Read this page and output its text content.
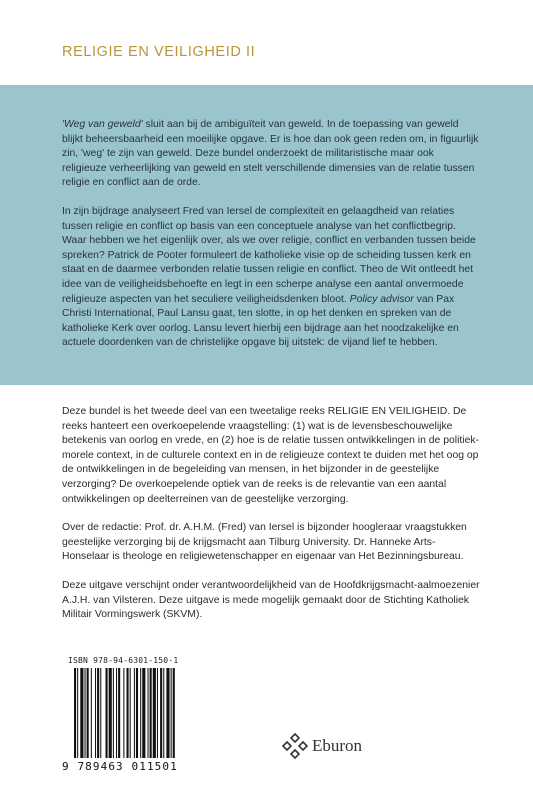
RELIGIE EN VEILIGHEID II

'Weg van geweld' sluit aan bij de ambiguïteit van geweld. In de toepassing van geweld blijkt beheersbaarheid een moeilijke opgave. Er is hoe dan ook geen reden om, in figuurlijk zin, 'weg' te zijn van geweld. Deze bundel onderzoekt de militaristische maar ook religieuze verheerlijking van geweld en stelt verschillende dimensies van de relatie tussen religie en conflict aan de orde.

In zijn bijdrage analyseert Fred van Iersel de complexiteit en gelaagdheid van relaties tussen religie en conflict op basis van een conceptuele analyse van het conflictbegrip. Waar hebben we het eigenlijk over, als we over religie, conflict en verbanden tussen beide spreken? Patrick de Pooter formuleert de katholieke visie op de scheiding tussen kerk en staat en de daarmee verbonden relatie tussen religie en conflict. Theo de Wit ontleedt het idee van de veiligheidsbehoefte en legt in een scherpe analyse een aantal onvermoede religieuze aspecten van het seculiere veiligheidsdenken bloot. Policy advisor van Pax Christi International, Paul Lansu gaat, ten slotte, in op het denken en spreken van de katholieke Kerk over oorlog. Lansu levert hierbij een bijdrage aan het noodzakelijke en actuele doordenken van de christelijke opgave bij uitstek: de vijand lief te hebben.

Deze bundel is het tweede deel van een tweetalige reeks RELIGIE EN VEILIGHEID. De reeks hanteert een overkoepelende vraagstelling: (1) wat is de levensbeschouwelijke betekenis van oorlog en vrede, en (2) hoe is de relatie tussen ontwikkelingen in de politiek-morele context, in de culturele context en in de religieuze context te duiden met het oog op de ontwikkelingen in de begeleiding van mensen, in het bijzonder in de geestelijke verzorging? De overkoepelende optiek van de reeks is de relevantie van een aantal ontwikkelingen op deelterreinen van de geestelijke verzorging.

Over de redactie: Prof. dr. A.H.M. (Fred) van Iersel is bijzonder hoogleraar vraagstukken geestelijke verzorging bij de krijgsmacht aan Tilburg University. Dr. Hanneke Arts-Honselaar is theologe en religiewetenschapper en eigenaar van Het Bezinningsbureau.

Deze uitgave verschijnt onder verantwoordelijkheid van de Hoofdkrijgsmacht-aalmoezenier A.J.H. van Vilsteren. Deze uitgave is mede mogelijk gemaakt door de Stichting Katholiek Militair Vormingswerk (SKVM).

ISBN 978-94-6301-150-1
9 789463 011501
Eburon
